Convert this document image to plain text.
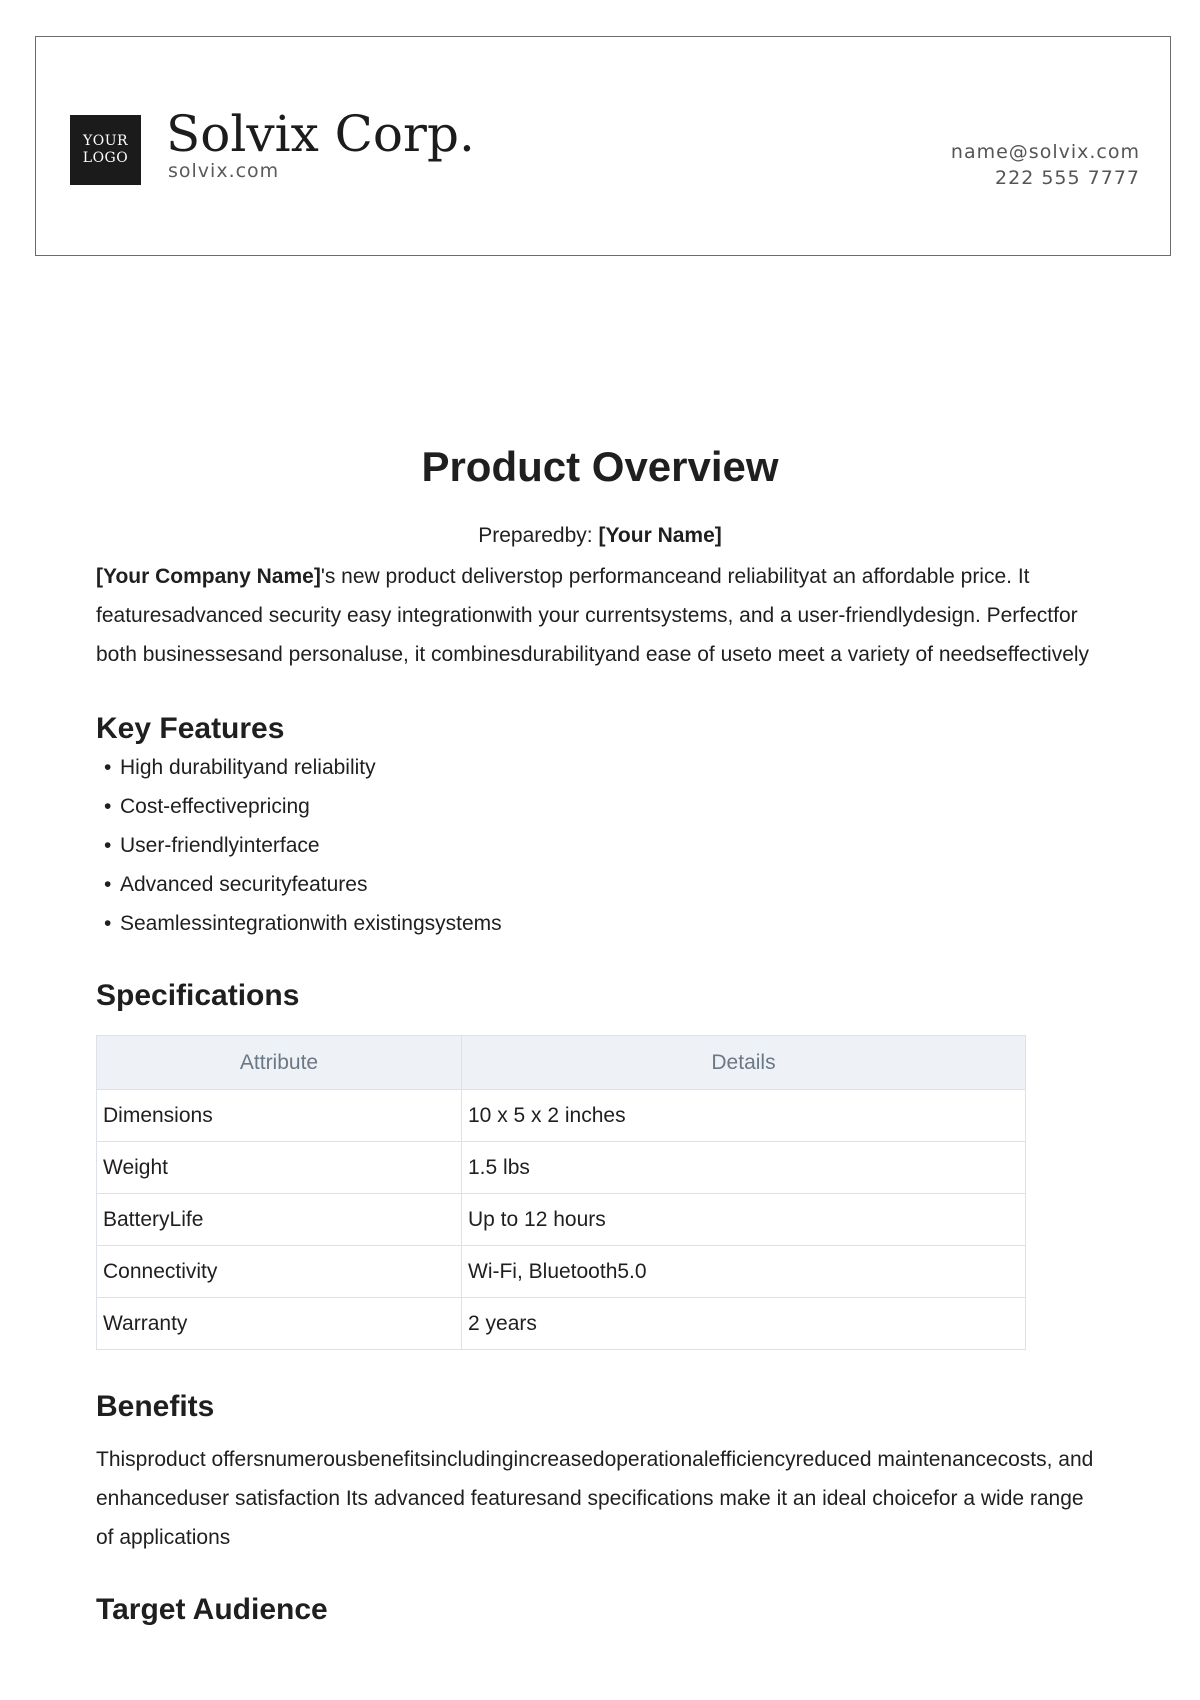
YOUR
LOGO Solvix Corp.
solvix.com
name@solvix.com
222 555 7777
Product Overview
Preparedby: [Your Name]

[Your Company Name]'s new product deliverstop performanceand reliabilityat an affordable price. It featuresadvanced security easy integrationwith your currentsystems, and a user-friendlydesign. Perfectfor both businessesand personaluse, it combinesdurabilityand ease of useto meet a variety of needseffectively

Key Features
• High durabilityand reliability
• Cost-effectivepricing
• User-friendlyinterface
• Advanced securityfeatures
• Seamlessintegrationwith existingsystems
Specifications
Attribute	Details
Dimensions	10 x 5 x 2 inches
Weight	1.5 lbs
BatteryLife	Up to 12 hours
Connectivity	Wi-Fi, Bluetooth5.0
Warranty	2 years
Benefits

Thisproduct offersnumerousbenefitsincludingincreasedoperationalefficiencyreduced maintenancecosts, and enhanceduser satisfaction Its advanced featuresand specifications make it an ideal choicefor a wide range of applications

Target Audience
